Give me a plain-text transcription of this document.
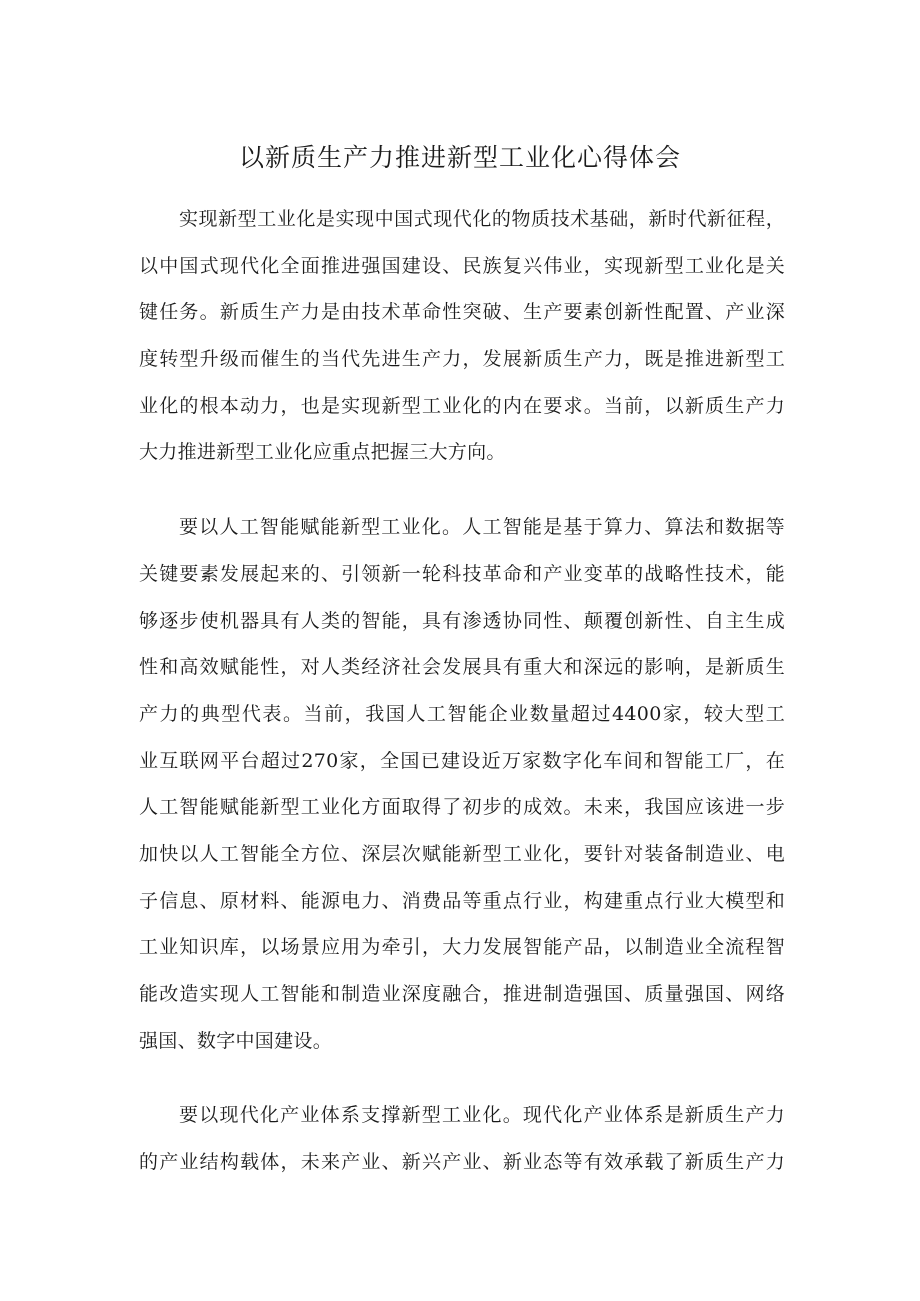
以新质生产力推进新型工业化心得体会
实现新型工业化是实现中国式现代化的物质技术基础，新时代新征程，
以中国式现代化全面推进强国建设、民族复兴伟业，实现新型工业化是关
键任务。新质生产力是由技术革命性突破、生产要素创新性配置、产业深
度转型升级而催生的当代先进生产力，发展新质生产力，既是推进新型工
业化的根本动力，也是实现新型工业化的内在要求。当前，以新质生产力
大力推进新型工业化应重点把握三大方向。
要以人工智能赋能新型工业化。人工智能是基于算力、算法和数据等
关键要素发展起来的、引领新一轮科技革命和产业变革的战略性技术，能
够逐步使机器具有人类的智能，具有渗透协同性、颠覆创新性、自主生成
性和高效赋能性，对人类经济社会发展具有重大和深远的影响，是新质生
产力的典型代表。当前，我国人工智能企业数量超过4400家，较大型工
业互联网平台超过270家，全国已建设近万家数字化车间和智能工厂，在
人工智能赋能新型工业化方面取得了初步的成效。未来，我国应该进一步
加快以人工智能全方位、深层次赋能新型工业化，要针对装备制造业、电
子信息、原材料、能源电力、消费品等重点行业，构建重点行业大模型和
工业知识库，以场景应用为牵引，大力发展智能产品，以制造业全流程智
能改造实现人工智能和制造业深度融合，推进制造强国、质量强国、网络
强国、数字中国建设。
要以现代化产业体系支撑新型工业化。现代化产业体系是新质生产力
的产业结构载体，未来产业、新兴产业、新业态等有效承载了新质生产力
